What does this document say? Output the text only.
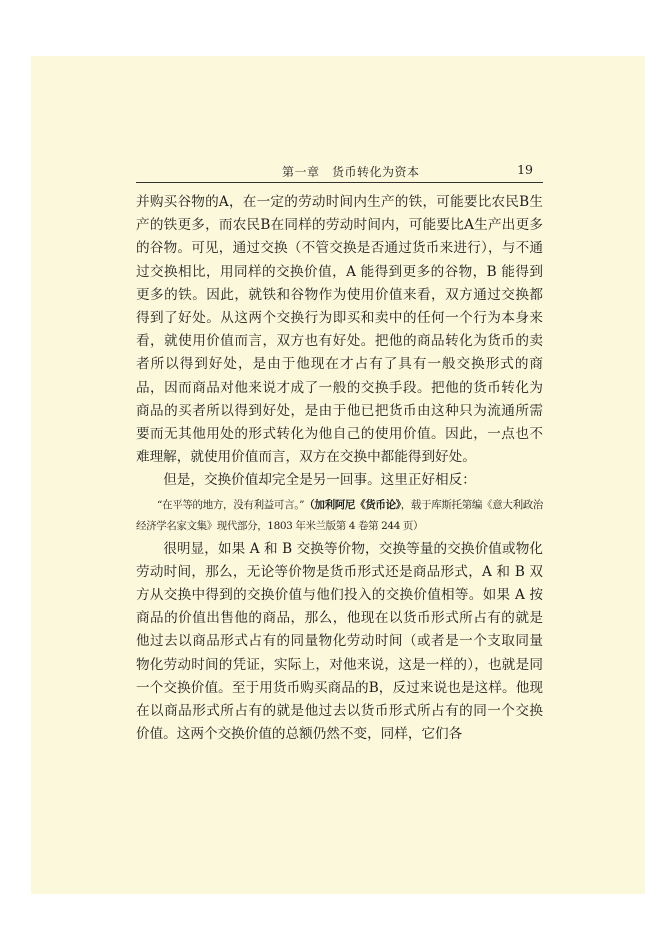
第一章　货币转化为资本	19

并购买谷物的A，在一定的劳动时间内生产的铁，可能要比农民B生产的铁更多，而农民B在同样的劳动时间内，可能要比A生产出更多的谷物。可见，通过交换（不管交换是否通过货币来进行），与不通过交换相比，用同样的交换价值，A 能得到更多的谷物，B 能得到更多的铁。因此，就铁和谷物作为使用价值来看，双方通过交换都得到了好处。从这两个交换行为即买和卖中的任何一个行为本身来看，就使用价值而言，双方也有好处。把他的商品转化为货币的卖者所以得到好处，是由于他现在才占有了具有一般交换形式的商品，因而商品对他来说才成了一般的交换手段。把他的货币转化为商品的买者所以得到好处，是由于他已把货币由这种只为流通所需要而无其他用处的形式转化为他自己的使用价值。因此，一点也不难理解，就使用价值而言，双方在交换中都能得到好处。

但是，交换价值却完全是另一回事。这里正好相反：

“在平等的地方，没有利益可言。”（加利阿尼《货币论》，载于库斯托第编《意大利政治经济学名家文集》现代部分，1803 年米兰版第 4 卷第 244 页）

很明显，如果 A 和 B 交换等价物，交换等量的交换价值或物化劳动时间，那么，无论等价物是货币形式还是商品形式，A 和 B 双方从交换中得到的交换价值与他们投入的交换价值相等。如果 A 按商品的价值出售他的商品，那么，他现在以货币形式所占有的就是他过去以商品形式占有的同量物化劳动时间（或者是一个支取同量物化劳动时间的凭证，实际上，对他来说，这是一样的），也就是同一个交换价值。至于用货币购买商品的B，反过来说也是这样。他现在以商品形式所占有的就是他过去以货币形式所占有的同一个交换价值。这两个交换价值的总额仍然不变，同样，它们各
